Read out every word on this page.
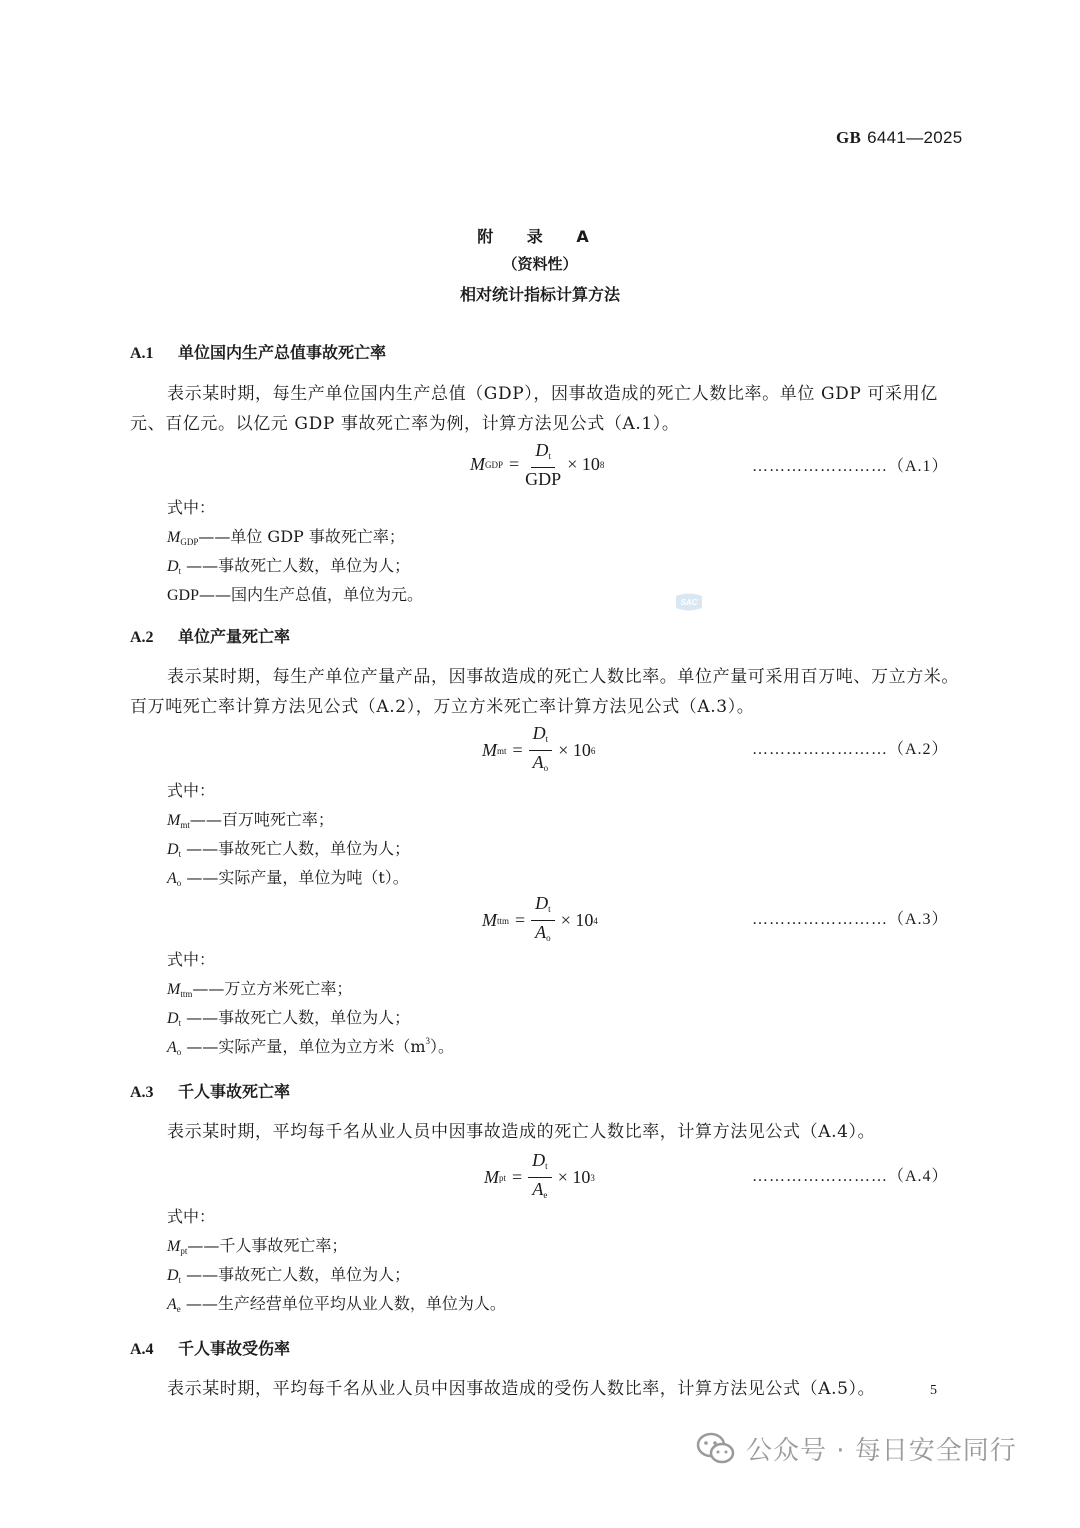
GB 6441—2025
附 录 A
（资料性）
相对统计指标计算方法
A.1 单位国内生产总值事故死亡率
表示某时期，每生产单位国内生产总值（GDP），因事故造成的死亡人数比率。单位 GDP 可采用亿元、百亿元。以亿元 GDP 事故死亡率为例，计算方法见公式（A.1）。
M GDP = $\frac{D_t}{\text{GDP}} \times 10$ 8	……………………（A.1）
式中：
$M_{GDP}——$单位 GDP 事故死亡率；
$D_t$ ——事故死亡人数，单位为人；
GDP——国内生产总值，单位为元。	SAC
A.2 单位产量死亡率
表示某时期，每生产单位产量产品，因事故造成的死亡人数比率。单位产量可采用百万吨、万立方米。百万吨死亡率计算方法见公式（A.2），万立方米死亡率计算方法见公式（A.3）。
M mt = $\frac{D_t}{A_o} \times 10$ 6	……………………（A.2）
式中：
$M_{mt}——$百万吨死亡率；
$D_t$ ——事故死亡人数，单位为人；
$A_o$ ——实际产量，单位为吨（t）。
M ttm = $\frac{D_t}{A_o} \times 10$ 4	……………………（A.3）
式中：
$M_{ttm}——$万立方米死亡率；
$D_t$ ——事故死亡人数，单位为人；
$A_o$ ——实际产量，单位为立方米$(m^3)$。
A.3 千人事故死亡率
表示某时期，平均每千名从业人员中因事故造成的死亡人数比率，计算方法见公式（A.4）。
M pt = $\frac{D_t}{A_e} \times 10$ 3	……………………（A.4）
式中：
$M_{pt}——$千人事故死亡率；
$D_t$ ——事故死亡人数，单位为人；
$A_e$ ——生产经营单位平均从业人数，单位为人。
A.4 千人事故受伤率
表示某时期，平均每千名从业人员中因事故造成的受伤人数比率，计算方法见公式（A.5）。	5
公众号 · 每日安全同行
